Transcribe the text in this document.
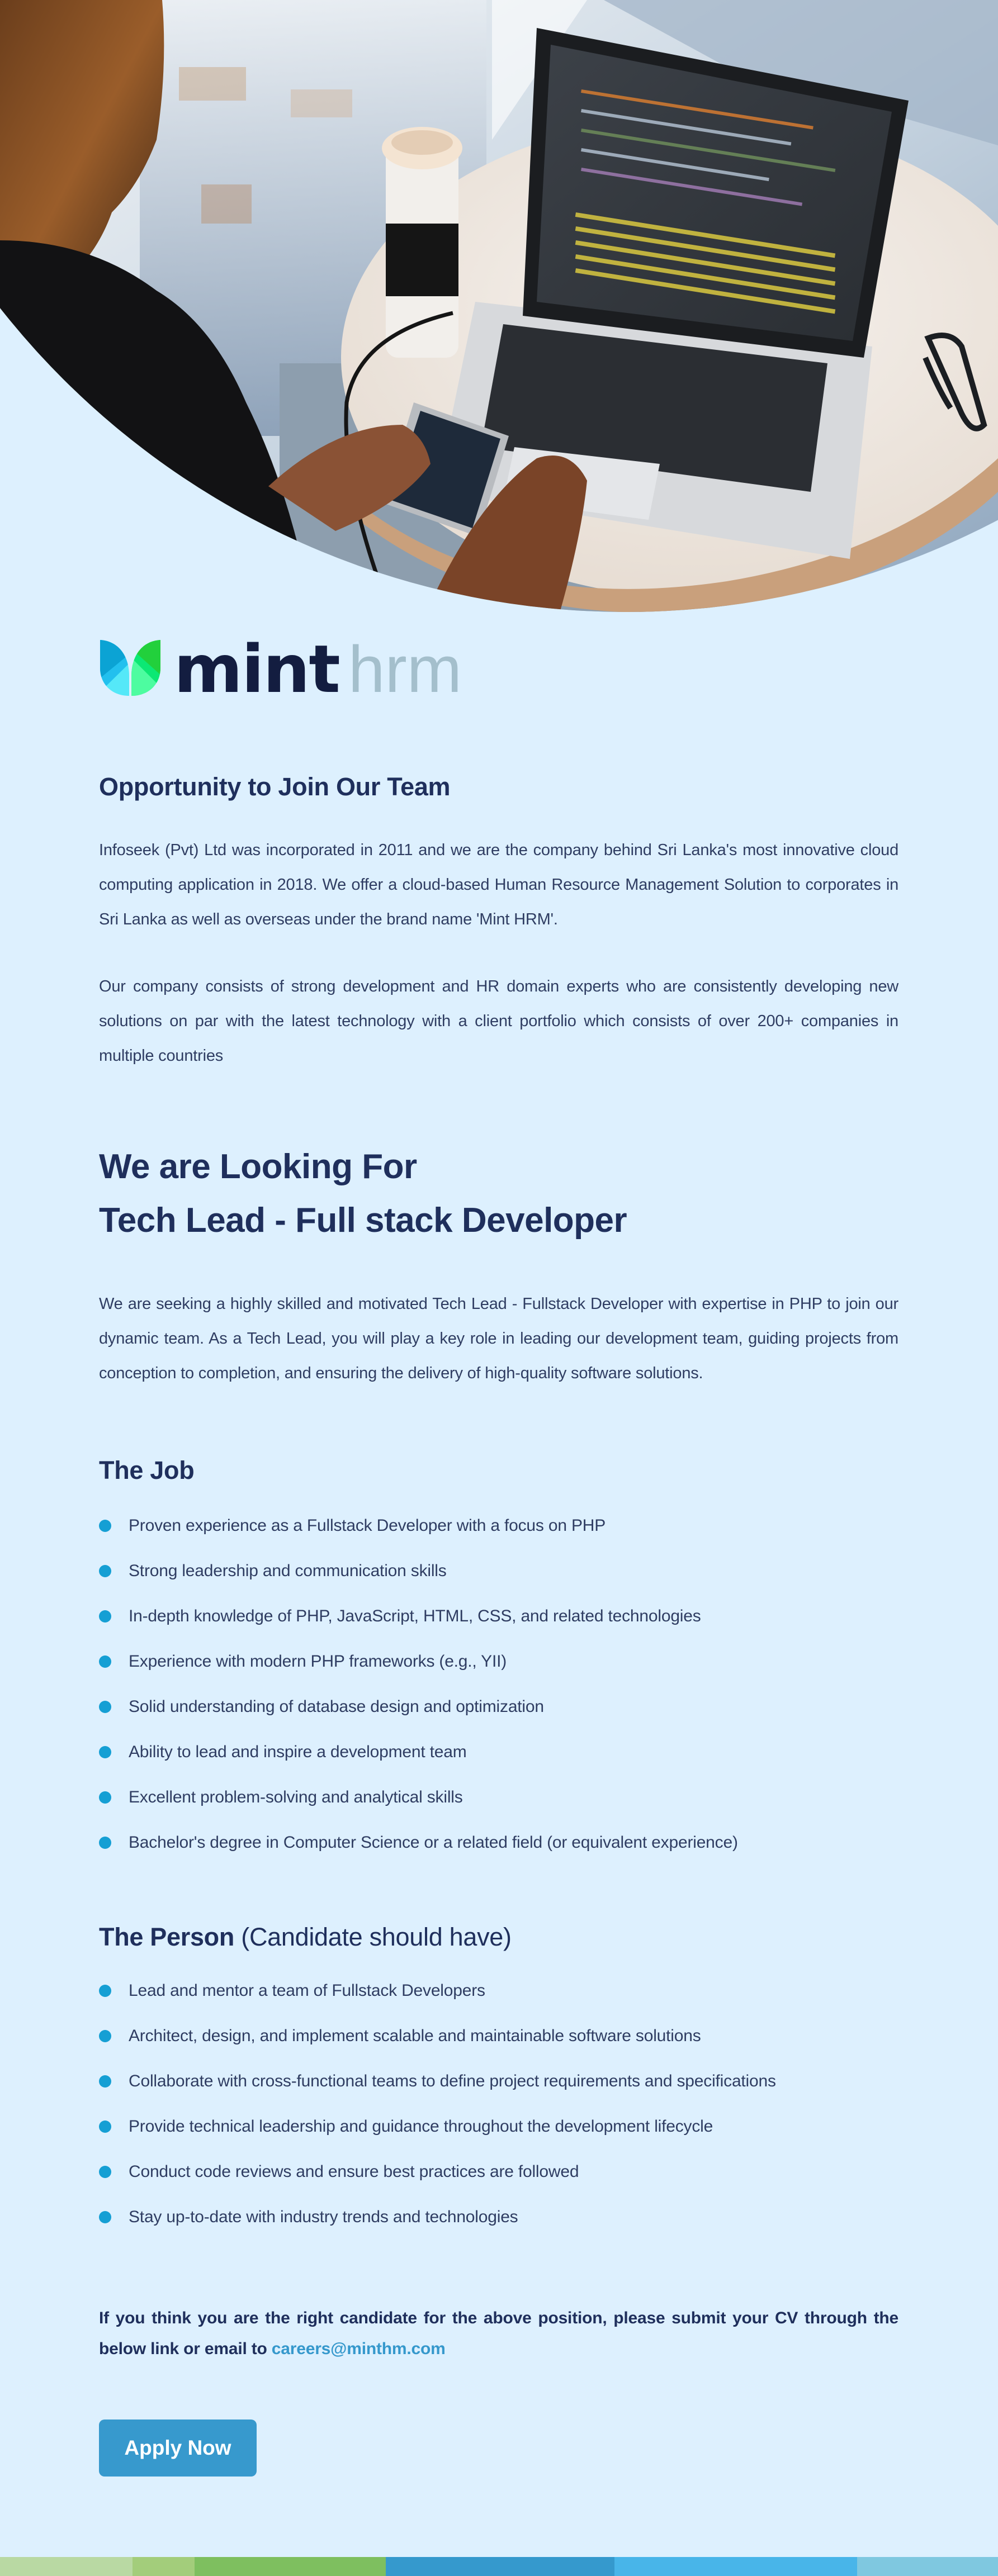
mint hrm
Opportunity to Join Our Team

Infoseek (Pvt) Ltd was incorporated in 2011 and we are the company behind Sri Lanka's most innovative cloud computing application in 2018. We offer a cloud-based Human Resource Management Solution to corporates in Sri Lanka as well as overseas under the brand name 'Mint HRM'.

Our company consists of strong development and HR domain experts who are consistently developing new solutions on par with the latest technology with a client portfolio which consists of over 200+ companies in multiple countries

We are Looking For
Tech Lead - Full stack Developer

We are seeking a highly skilled and motivated Tech Lead - Fullstack Developer with expertise in PHP to join our dynamic team. As a Tech Lead, you will play a key role in leading our development team, guiding projects from conception to completion, and ensuring the delivery of high-quality software solutions.

The Job
Proven experience as a Fullstack Developer with a focus on PHP
Strong leadership and communication skills
In-depth knowledge of PHP, JavaScript, HTML, CSS, and related technologies
Experience with modern PHP frameworks (e.g., YII)
Solid understanding of database design and optimization
Ability to lead and inspire a development team
Excellent problem-solving and analytical skills
Bachelor's degree in Computer Science or a related field (or equivalent experience)
The Person (Candidate should have)
Lead and mentor a team of Fullstack Developers
Architect, design, and implement scalable and maintainable software solutions
Collaborate with cross-functional teams to define project requirements and specifications
Provide technical leadership and guidance throughout the development lifecycle
Conduct code reviews and ensure best practices are followed
Stay up-to-date with industry trends and technologies

If you think you are the right candidate for the above position, please submit your CV through the below link or email to careers@minthm.com

Apply Now
